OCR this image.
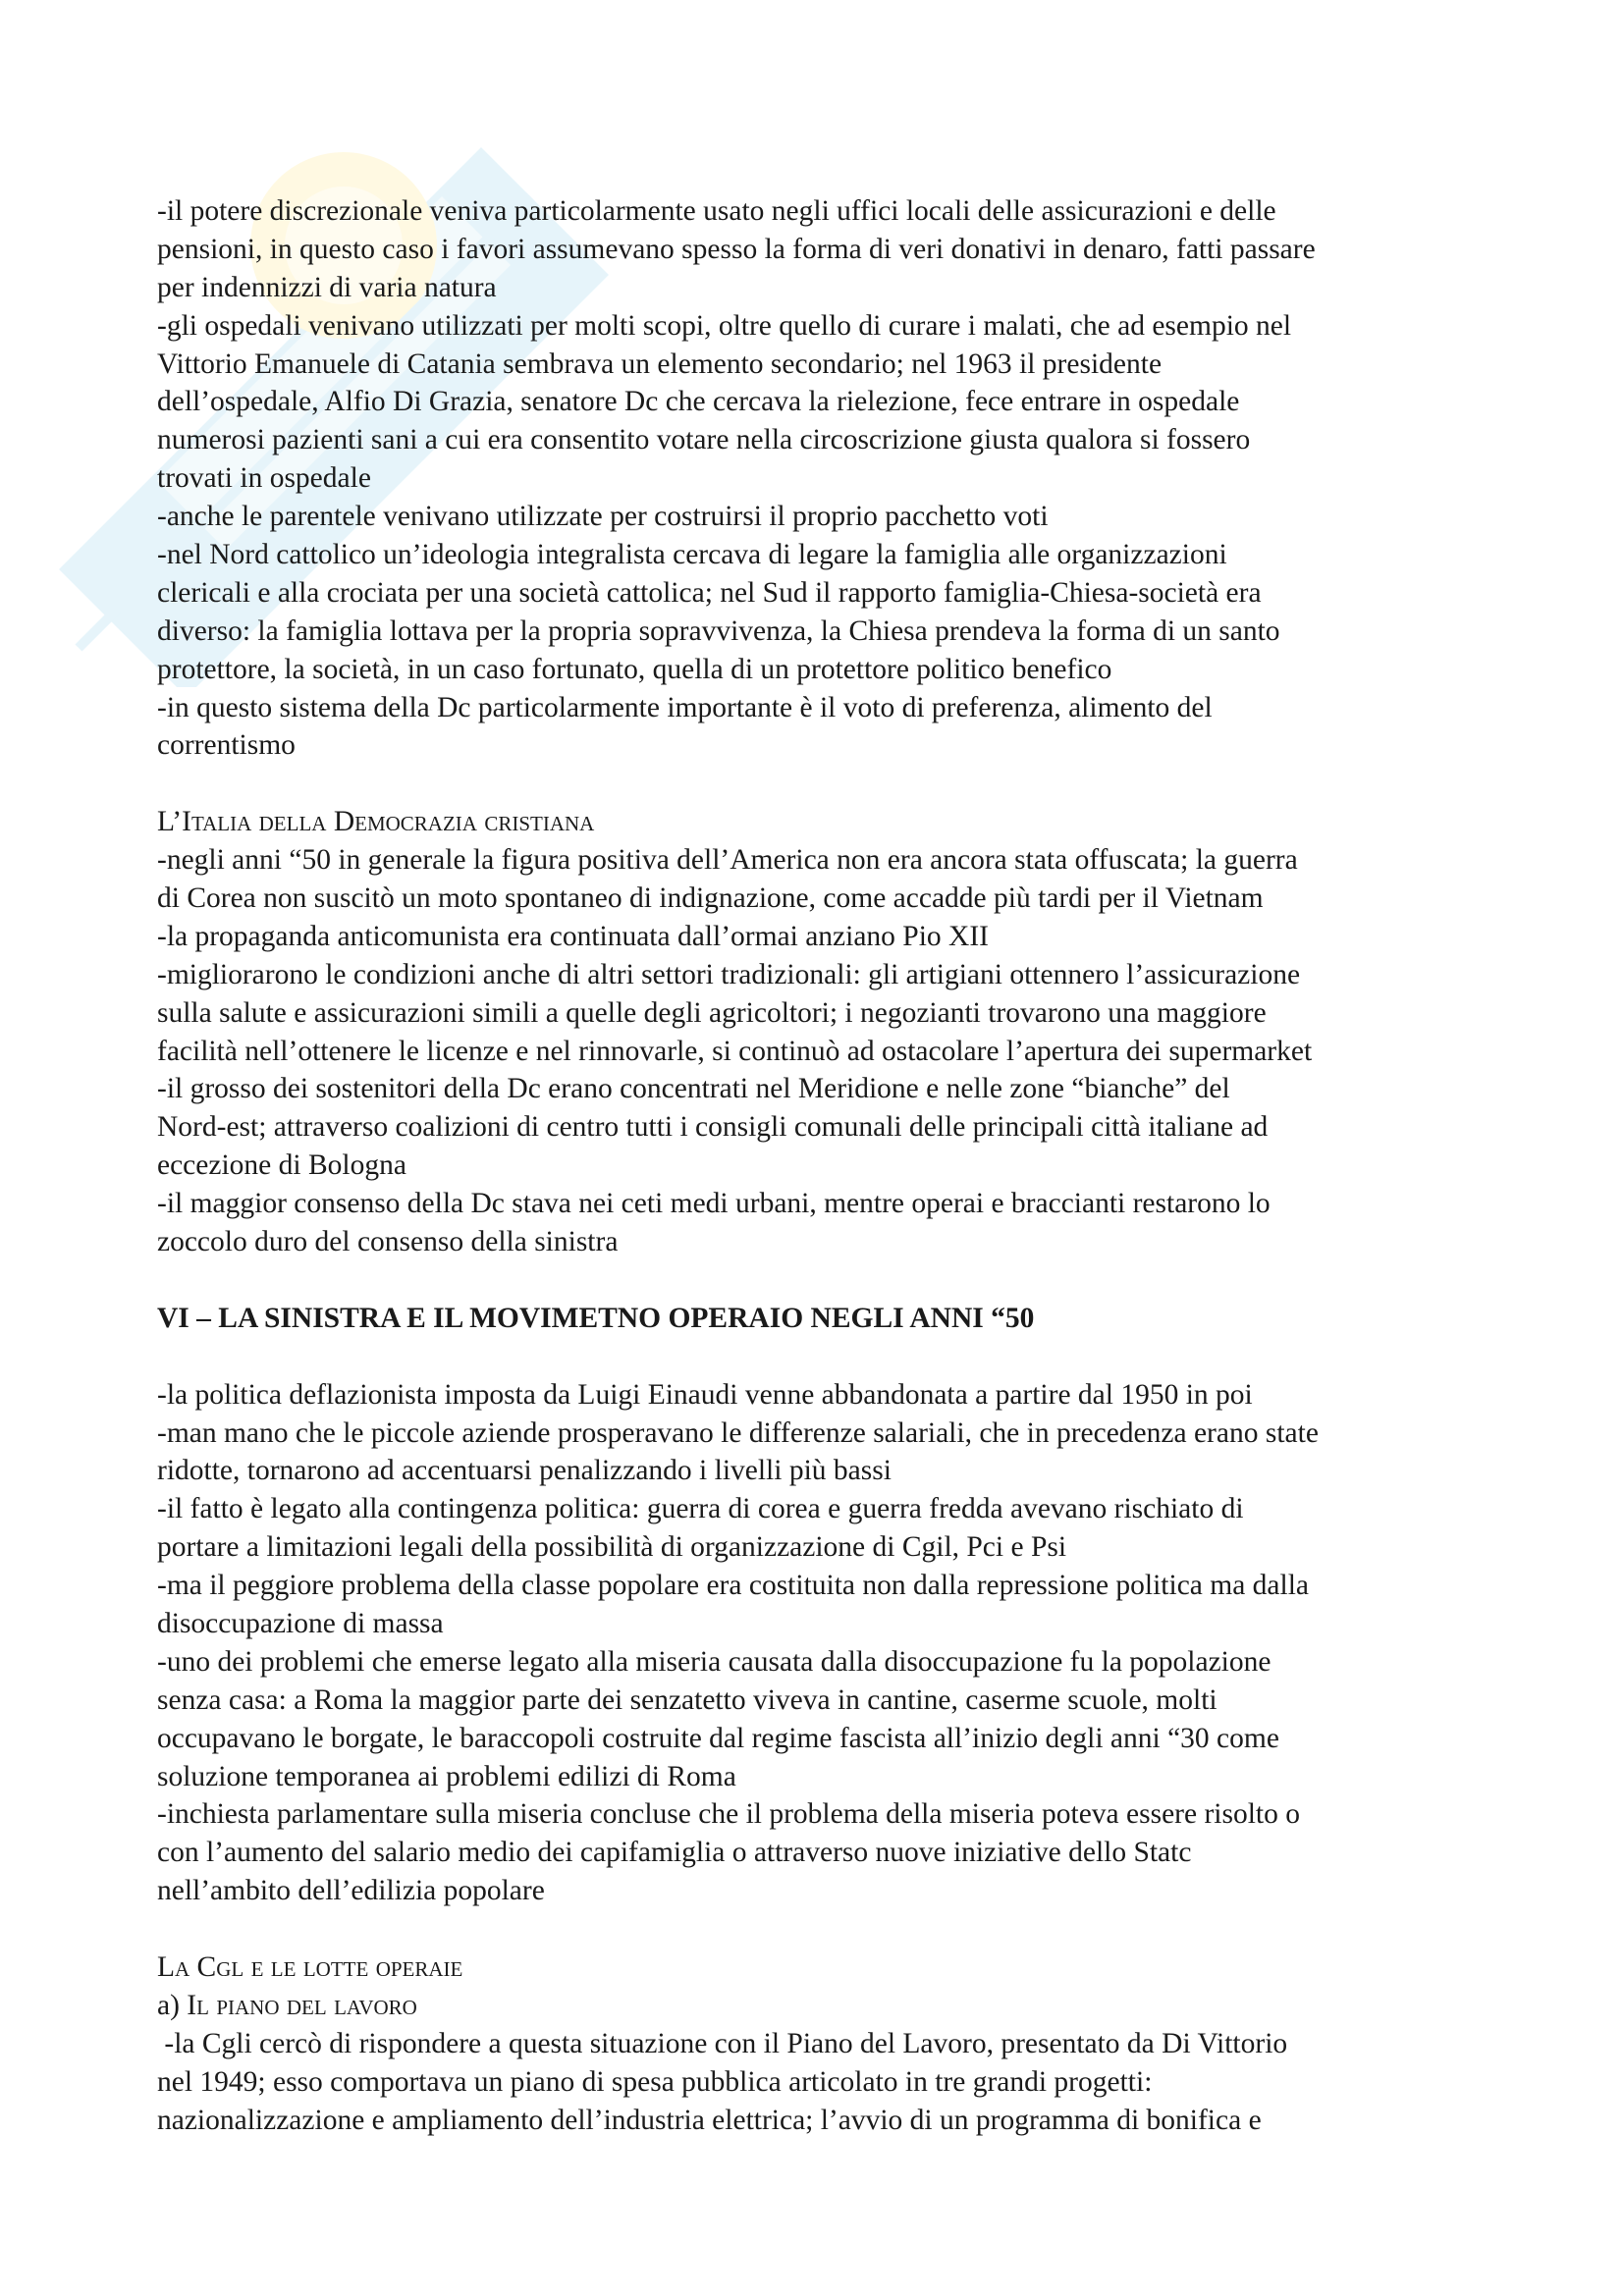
-il potere discrezionale veniva particolarmente usato negli uffici locali delle assicurazioni e delle
pensioni, in questo caso i favori assumevano spesso la forma di veri donativi in denaro, fatti passare
per indennizzi di varia natura
-gli ospedali venivano utilizzati per molti scopi, oltre quello di curare i malati, che ad esempio nel
Vittorio Emanuele di Catania sembrava un elemento secondario; nel 1963 il presidente
dell’ospedale, Alfio Di Grazia, senatore Dc che cercava la rielezione, fece entrare in ospedale
numerosi pazienti sani a cui era consentito votare nella circoscrizione giusta qualora si fossero
trovati in ospedale
-anche le parentele venivano utilizzate per costruirsi il proprio pacchetto voti
-nel Nord cattolico un’ideologia integralista cercava di legare la famiglia alle organizzazioni
clericali e alla crociata per una società cattolica; nel Sud il rapporto famiglia-Chiesa-società era
diverso: la famiglia lottava per la propria sopravvivenza, la Chiesa prendeva la forma di un santo
protettore, la società, in un caso fortunato, quella di un protettore politico benefico
-in questo sistema della Dc particolarmente importante è il voto di preferenza, alimento del
correntismo
L’Italia della Democrazia cristiana
-negli anni “50 in generale la figura positiva dell’America non era ancora stata offuscata; la guerra
di Corea non suscitò un moto spontaneo di indignazione, come accadde più tardi per il Vietnam
-la propaganda anticomunista era continuata dall’ormai anziano Pio XII
-migliorarono le condizioni anche di altri settori tradizionali: gli artigiani ottennero l’assicurazione
sulla salute e assicurazioni simili a quelle degli agricoltori; i negozianti trovarono una maggiore
facilità nell’ottenere le licenze e nel rinnovarle, si continuò ad ostacolare l’apertura dei supermarket
-il grosso dei sostenitori della Dc erano concentrati nel Meridione e nelle zone “bianche” del
Nord-est; attraverso coalizioni di centro tutti i consigli comunali delle principali città italiane ad
eccezione di Bologna
-il maggior consenso della Dc stava nei ceti medi urbani, mentre operai e braccianti restarono lo
zoccolo duro del consenso della sinistra
VI – LA SINISTRA E IL MOVIMETNO OPERAIO NEGLI ANNI “50
-la politica deflazionista imposta da Luigi Einaudi venne abbandonata a partire dal 1950 in poi
-man mano che le piccole aziende prosperavano le differenze salariali, che in precedenza erano state
ridotte, tornarono ad accentuarsi penalizzando i livelli più bassi
-il fatto è legato alla contingenza politica: guerra di corea e guerra fredda avevano rischiato di
portare a limitazioni legali della possibilità di organizzazione di Cgil, Pci e Psi
-ma il peggiore problema della classe popolare era costituita non dalla repressione politica ma dalla
disoccupazione di massa
-uno dei problemi che emerse legato alla miseria causata dalla disoccupazione fu la popolazione
senza casa: a Roma la maggior parte dei senzatetto viveva in cantine, caserme scuole, molti
occupavano le borgate, le baraccopoli costruite dal regime fascista all’inizio degli anni “30 come
soluzione temporanea ai problemi edilizi di Roma
-inchiesta parlamentare sulla miseria concluse che il problema della miseria poteva essere risolto o
con l’aumento del salario medio dei capifamiglia o attraverso nuove iniziative dello Statc
nell’ambito dell’edilizia popolare
La Cgl e le lotte operaie
a) Il piano del lavoro
-la Cgli cercò di rispondere a questa situazione con il Piano del Lavoro, presentato da Di Vittorio
nel 1949; esso comportava un piano di spesa pubblica articolato in tre grandi progetti:
nazionalizzazione e ampliamento dell’industria elettrica; l’avvio di un programma di bonifica e
